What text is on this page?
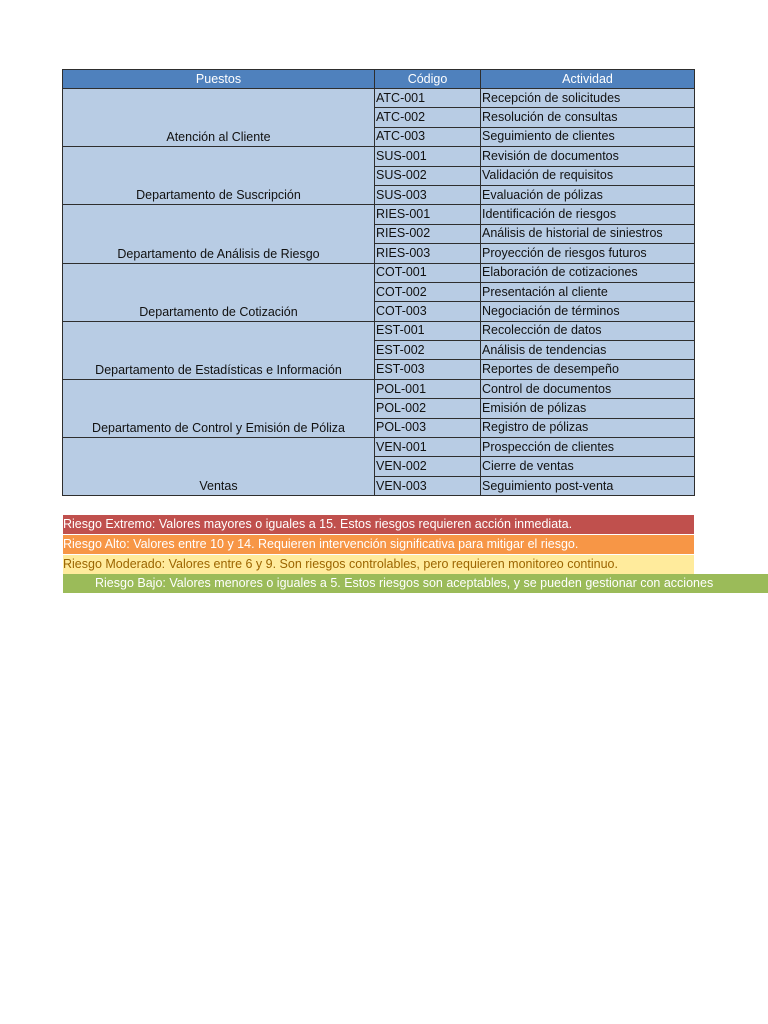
Puestos	Código	Actividad
Atención al Cliente	ATC-001	Recepción de solicitudes
	ATC-002	Resolución de consultas
	ATC-003	Seguimiento de clientes
Departamento de Suscripción	SUS-001	Revisión de documentos
	SUS-002	Validación de requisitos
	SUS-003	Evaluación de pólizas
Departamento de Análisis de Riesgo	RIES-001	Identificación de riesgos
	RIES-002	Análisis de historial de siniestros
	RIES-003	Proyección de riesgos futuros
Departamento de Cotización	COT-001	Elaboración de cotizaciones
	COT-002	Presentación al cliente
	COT-003	Negociación de términos
Departamento de Estadísticas e Información	EST-001	Recolección de datos
	EST-002	Análisis de tendencias
	EST-003	Reportes de desempeño
Departamento de Control y Emisión de Póliza	POL-001	Control de documentos
	POL-002	Emisión de pólizas
	POL-003	Registro de pólizas
Ventas	VEN-001	Prospección de clientes
	VEN-002	Cierre de ventas
	VEN-003	Seguimiento post-venta
Riesgo Extremo: Valores mayores o iguales a 15. Estos riesgos requieren acción inmediata.
Riesgo Alto: Valores entre 10 y 14. Requieren intervención significativa para mitigar el riesgo.
Riesgo Moderado: Valores entre 6 y 9. Son riesgos controlables, pero requieren monitoreo continuo.
Riesgo Bajo: Valores menores o iguales a 5. Estos riesgos son aceptables, y se pueden gestionar con acciones
